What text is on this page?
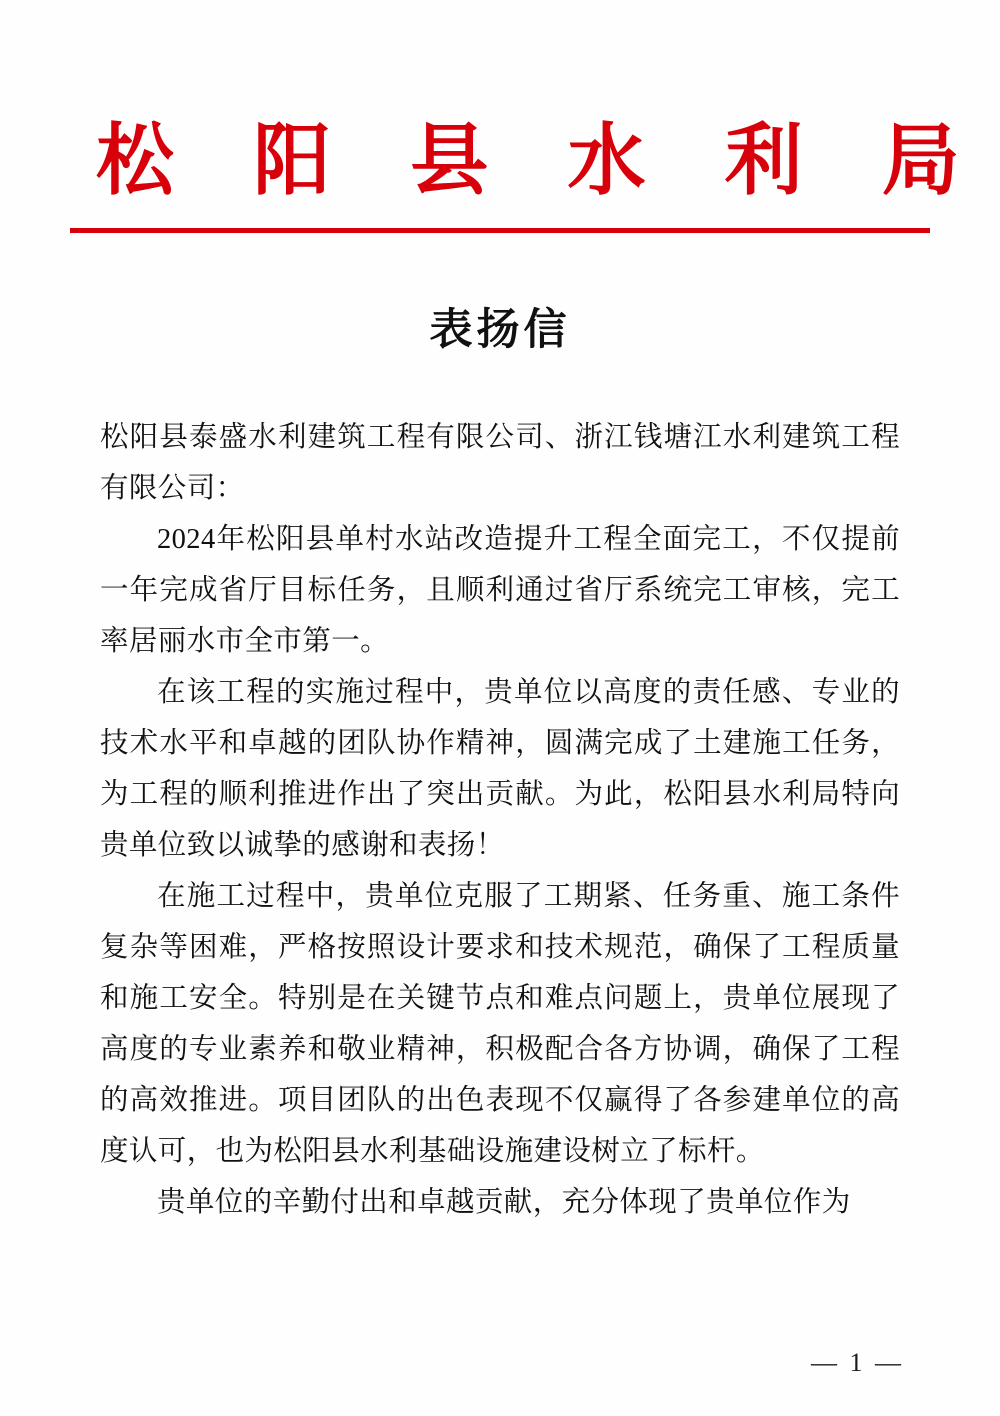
松 阳 县 水 利 局
表扬信

松阳县泰盛水利建筑工程有限公司、浙江钱塘江水利建筑工程有限公司：

2024年松阳县单村水站改造提升工程全面完工，不仅提前一年完成省厅目标任务，且顺利通过省厅系统完工审核，完工率居丽水市全市第一。

在该工程的实施过程中，贵单位以高度的责任感、专业的技术水平和卓越的团队协作精神，圆满完成了土建施工任务，为工程的顺利推进作出了突出贡献。为此，松阳县水利局特向贵单位致以诚挚的感谢和表扬！

在施工过程中，贵单位克服了工期紧、任务重、施工条件复杂等困难，严格按照设计要求和技术规范，确保了工程质量和施工安全。特别是在关键节点和难点问题上，贵单位展现了高度的专业素养和敬业精神，积极配合各方协调，确保了工程的高效推进。项目团队的出色表现不仅赢得了各参建单位的高度认可，也为松阳县水利基础设施建设树立了标杆。

贵单位的辛勤付出和卓越贡献，充分体现了贵单位作为

— 1 —
